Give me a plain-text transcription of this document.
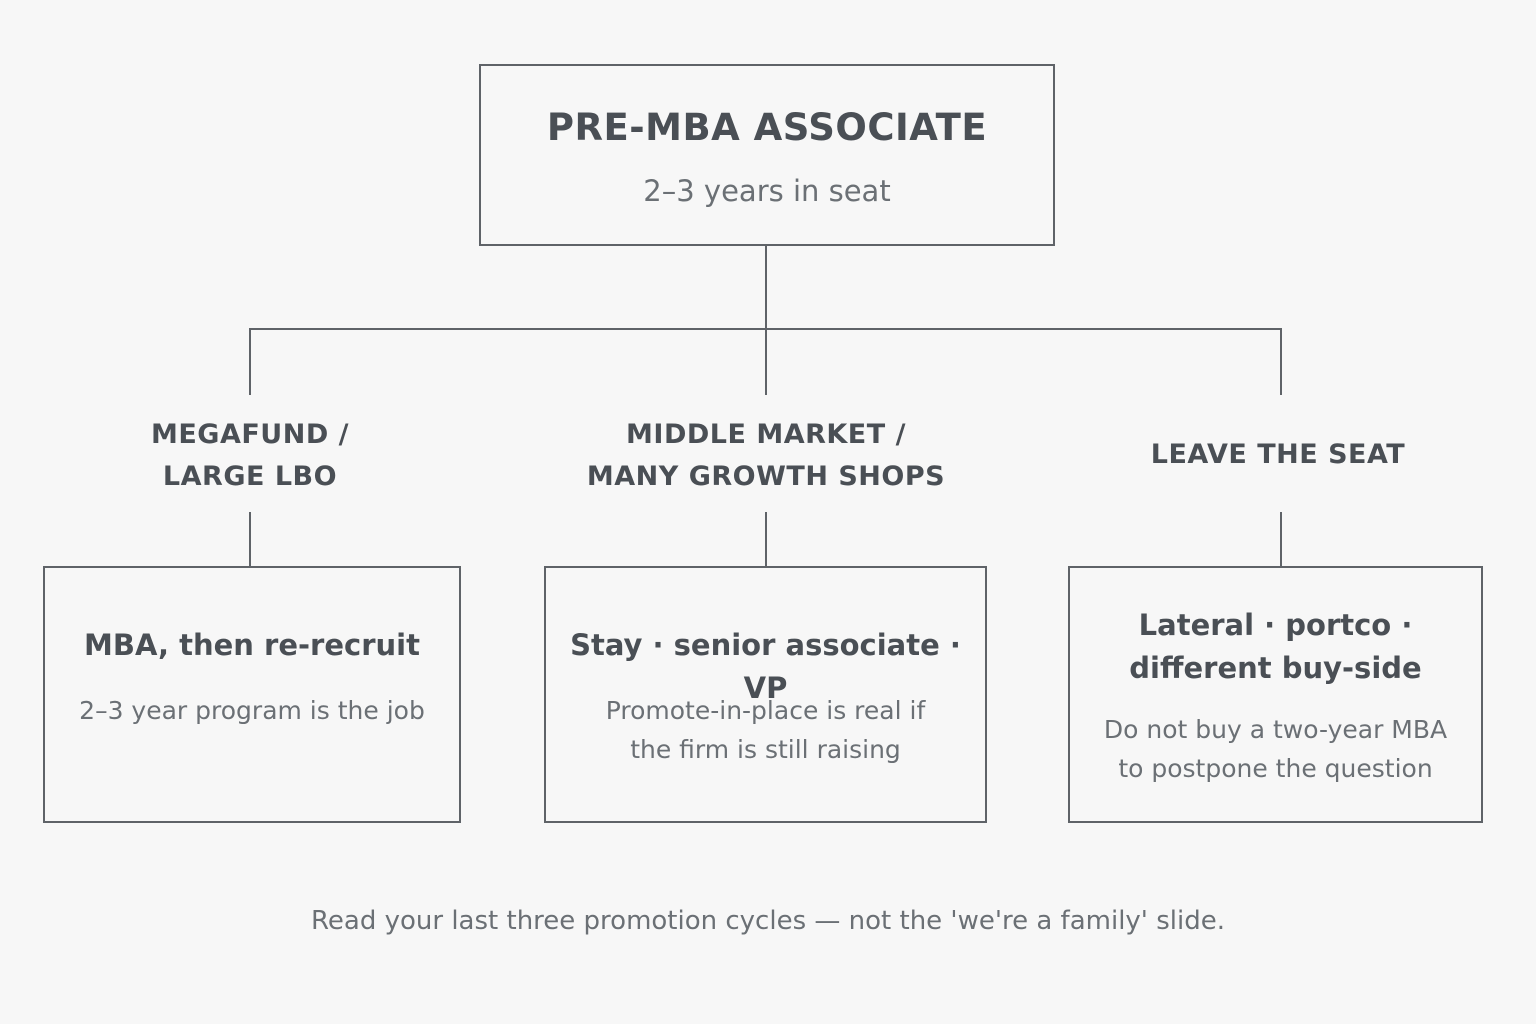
PRE-MBA ASSOCIATE
2–3 years in seat
MEGAFUND /
LARGE LBO
MIDDLE MARKET /
MANY GROWTH SHOPS
LEAVE THE SEAT
MBA, then re-recruit
2–3 year program is the job
Stay · senior associate · VP
Promote-in-place is real if
the firm is still raising
Lateral · portco ·
different buy-side
Do not buy a two-year MBA
to postpone the question
Read your last three promotion cycles — not the 'we're a family' slide.
